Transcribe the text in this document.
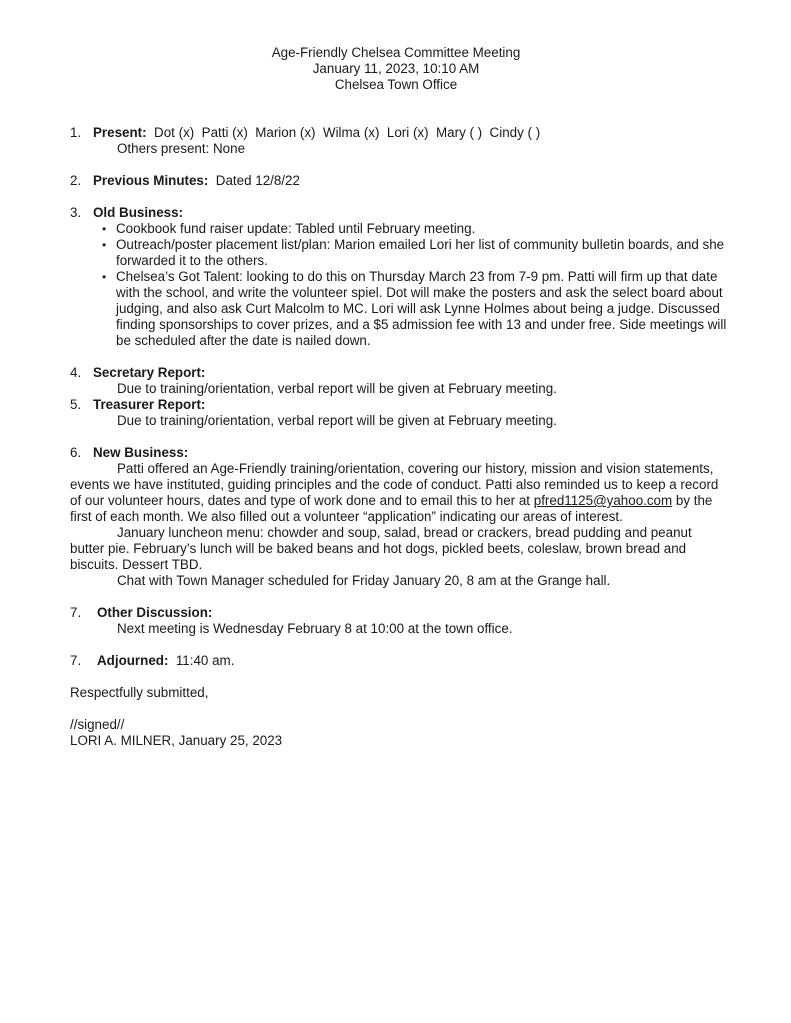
Age-Friendly Chelsea Committee Meeting
January 11, 2023, 10:10 AM
Chelsea Town Office
1. Present: Dot (x)  Patti (x)  Marion (x)  Wilma (x)  Lori (x)  Mary ( )  Cindy ( )
Others present: None
2. Previous Minutes: Dated 12/8/22
3. Old Business:
• Cookbook fund raiser update: Tabled until February meeting.
• Outreach/poster placement list/plan: Marion emailed Lori her list of community bulletin boards, and she forwarded it to the others.
• Chelsea’s Got Talent: looking to do this on Thursday March 23 from 7-9 pm. Patti will firm up that date with the school, and write the volunteer spiel. Dot will make the posters and ask the select board about judging, and also ask Curt Malcolm to MC. Lori will ask Lynne Holmes about being a judge. Discussed finding sponsorships to cover prizes, and a $5 admission fee with 13 and under free. Side meetings will be scheduled after the date is nailed down.
4. Secretary Report:
Due to training/orientation, verbal report will be given at February meeting.
5. Treasurer Report:
Due to training/orientation, verbal report will be given at February meeting.
6. New Business:
Patti offered an Age-Friendly training/orientation, covering our history, mission and vision statements, events we have instituted, guiding principles and the code of conduct. Patti also reminded us to keep a record of our volunteer hours, dates and type of work done and to email this to her at pfred1125@yahoo.com by the first of each month. We also filled out a volunteer “application” indicating our areas of interest.
January luncheon menu: chowder and soup, salad, bread or crackers, bread pudding and peanut butter pie. February’s lunch will be baked beans and hot dogs, pickled beets, coleslaw, brown bread and biscuits. Dessert TBD.
Chat with Town Manager scheduled for Friday January 20, 8 am at the Grange hall.
7. Other Discussion:
Next meeting is Wednesday February 8 at 10:00 at the town office.
7. Adjourned: 11:40 am.
Respectfully submitted,
//signed//
LORI A. MILNER, January 25, 2023
